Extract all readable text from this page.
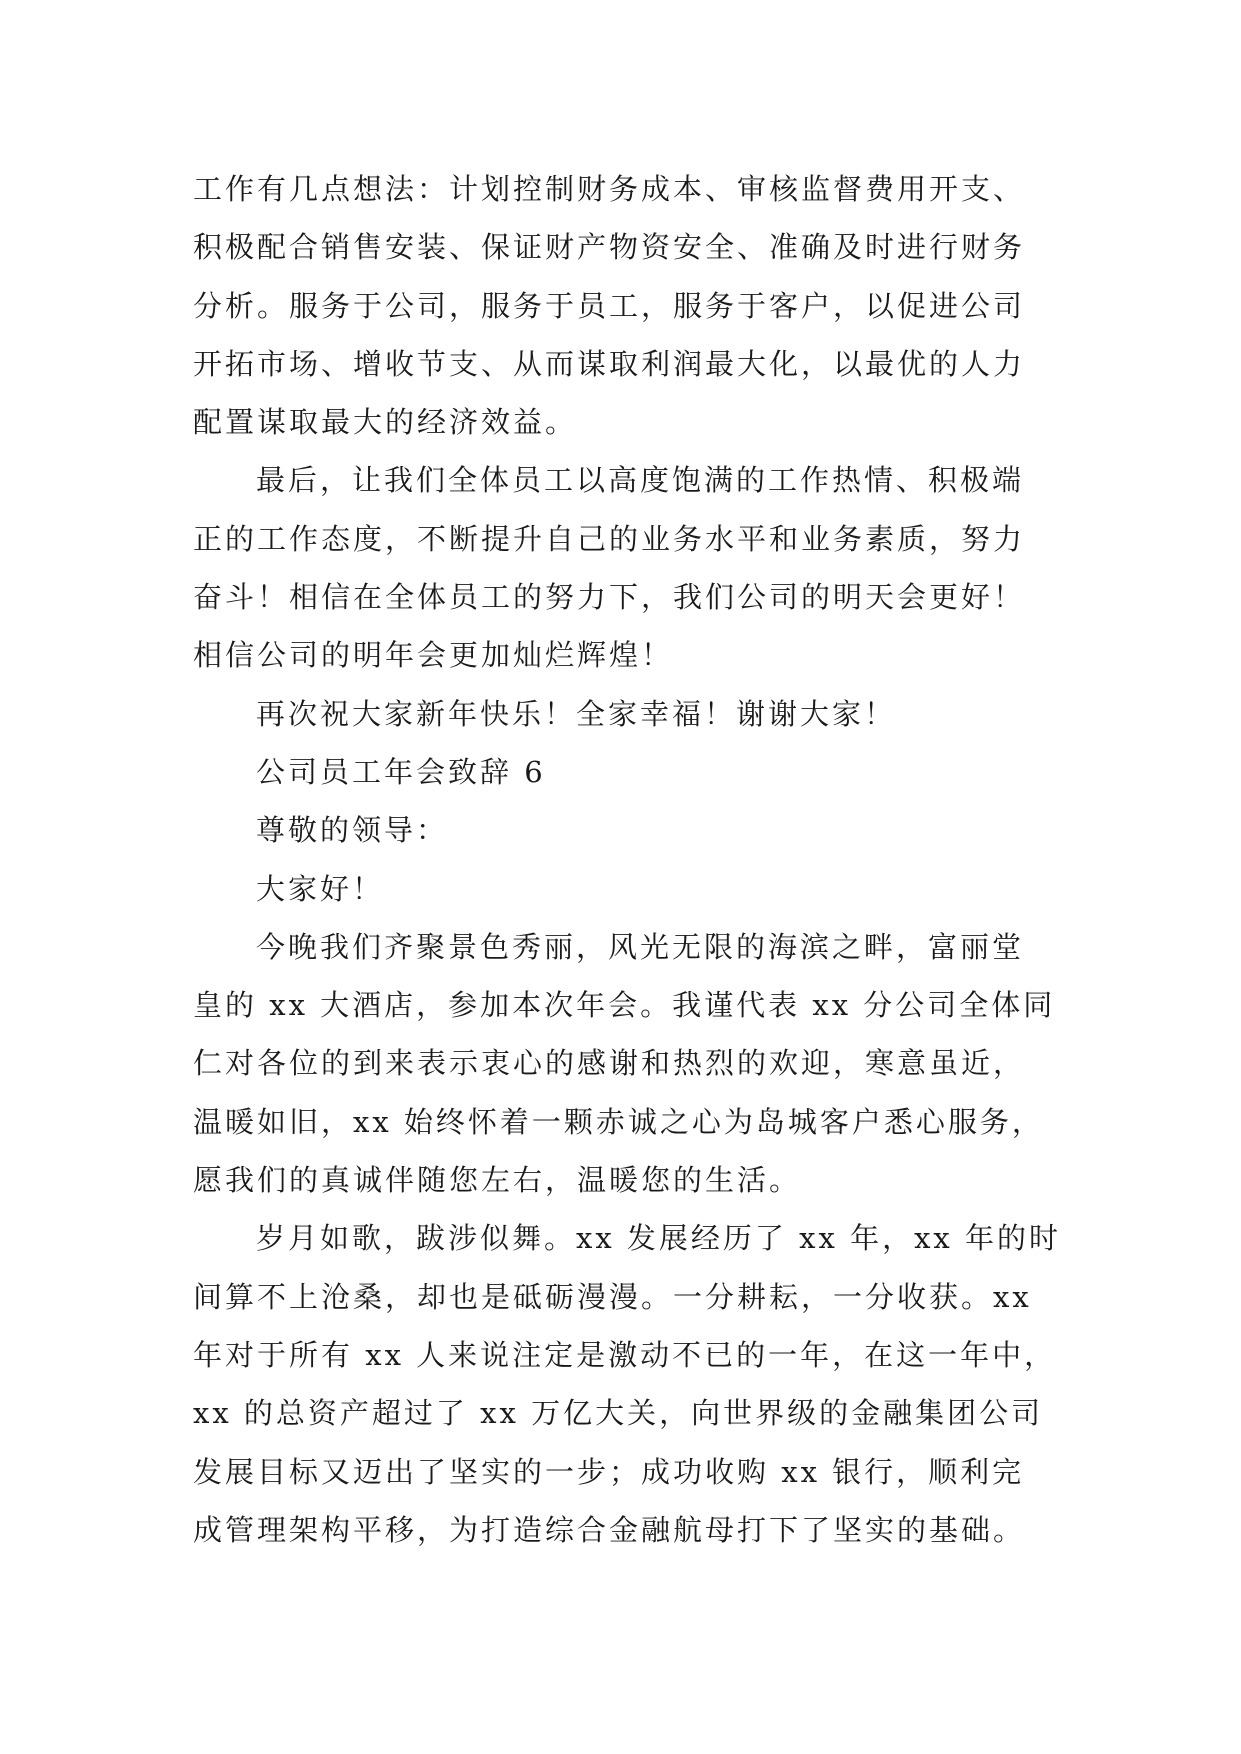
工作有几点想法：计划控制财务成本、审核监督费用开支、
积极配合销售安装、保证财产物资安全、准确及时进行财务
分析。服务于公司，服务于员工，服务于客户，以促进公司
开拓市场、增收节支、从而谋取利润最大化，以最优的人力
配置谋取最大的经济效益。
最后，让我们全体员工以高度饱满的工作热情、积极端
正的工作态度，不断提升自己的业务水平和业务素质，努力
奋斗！相信在全体员工的努力下，我们公司的明天会更好！
相信公司的明年会更加灿烂辉煌！
再次祝大家新年快乐！全家幸福！谢谢大家！
公司员工年会致辞 6
尊敬的领导：
大家好！
今晚我们齐聚景色秀丽，风光无限的海滨之畔，富丽堂
皇的 xx 大酒店，参加本次年会。我谨代表 xx 分公司全体同
仁对各位的到来表示衷心的感谢和热烈的欢迎，寒意虽近，
温暖如旧，xx 始终怀着一颗赤诚之心为岛城客户悉心服务，
愿我们的真诚伴随您左右，温暖您的生活。
岁月如歌，跋涉似舞。xx 发展经历了 xx 年，xx 年的时
间算不上沧桑，却也是砥砺漫漫。一分耕耘，一分收获。xx
年对于所有 xx 人来说注定是激动不已的一年，在这一年中，
xx 的总资产超过了 xx 万亿大关，向世界级的金融集团公司
发展目标又迈出了坚实的一步；成功收购 xx 银行，顺利完
成管理架构平移，为打造综合金融航母打下了坚实的基础。
